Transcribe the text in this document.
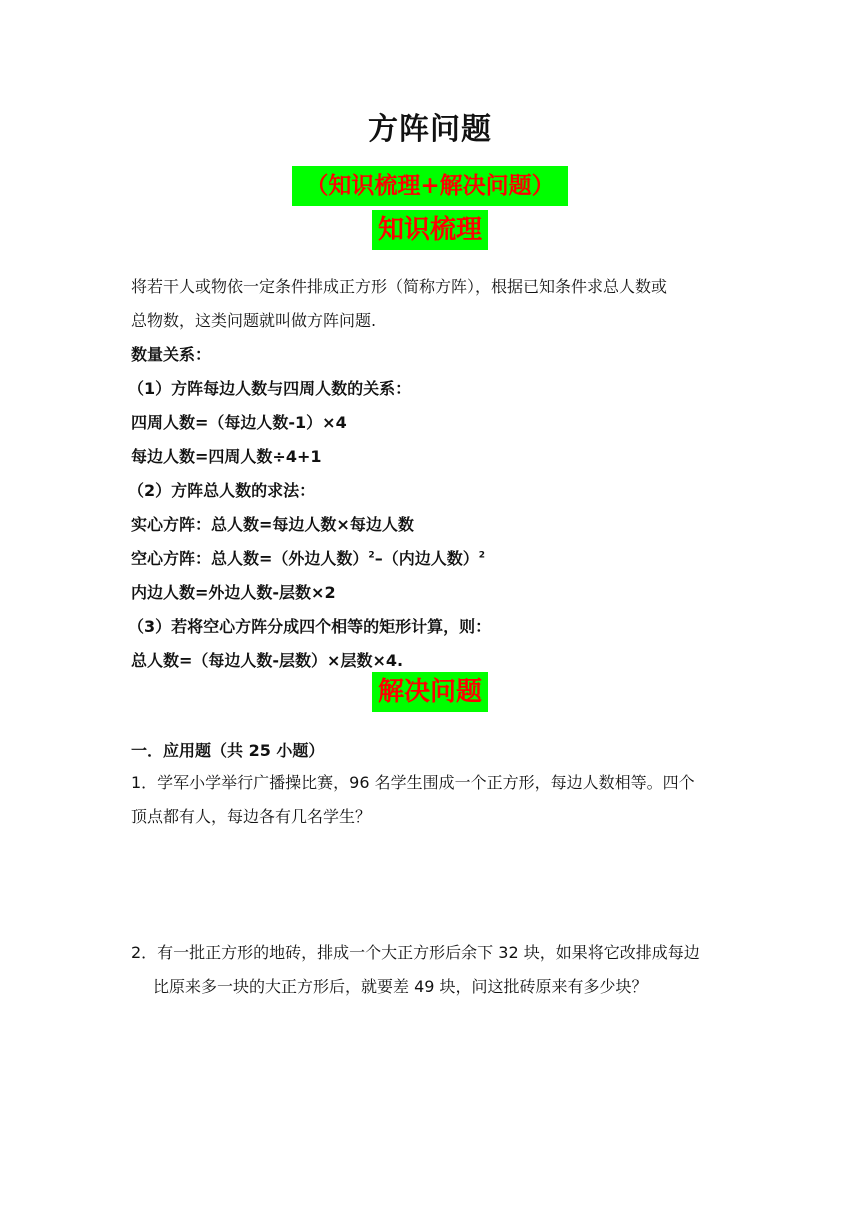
方阵问题
（知识梳理+解决问题）
知识梳理
将若干人或物依一定条件排成正方形（简称方阵），根据已知条件求总人数或
总物数，这类问题就叫做方阵问题.
数量关系：
（1）方阵每边人数与四周人数的关系：
四周人数=（每边人数-1）×4
每边人数=四周人数÷4+1
（2）方阵总人数的求法：
实心方阵：总人数=每边人数×每边人数
空心方阵：总人数=（外边人数）$^2$–（内边人数）$^2$
内边人数=外边人数-层数×2
（3）若将空心方阵分成四个相等的矩形计算，则：
总人数=（每边人数-层数）×层数×4.
解决问题
一．应用题（共 25 小题）
1．学军小学举行广播操比赛，96 名学生围成一个正方形，每边人数相等。四个
顶点都有人，每边各有几名学生？
2．有一批正方形的地砖，排成一个大正方形后余下 32 块，如果将它改排成每边
比原来多一块的大正方形后，就要差 49 块，问这批砖原来有多少块？
